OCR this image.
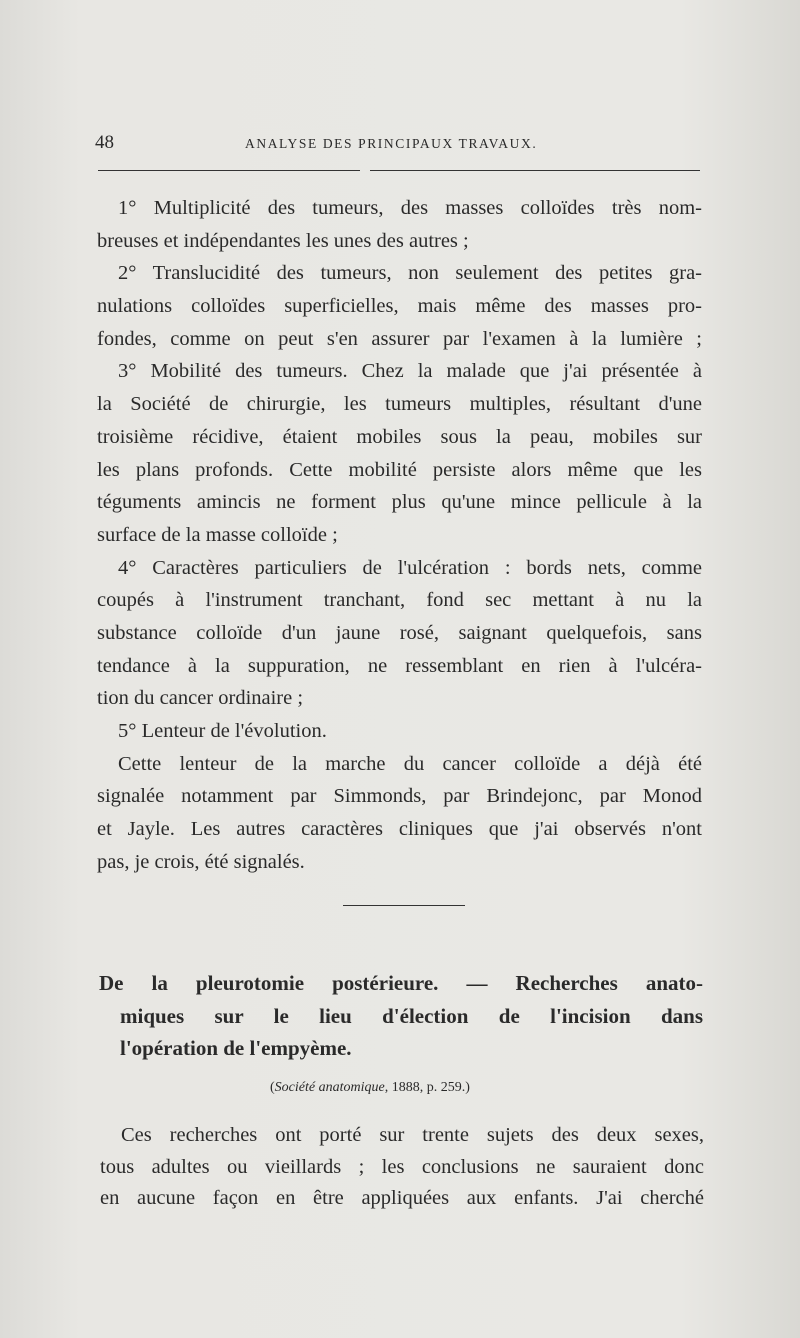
48	ANALYSE DES PRINCIPAUX TRAVAUX.
1° Multiplicité des tumeurs, des masses colloïdes très nom-
breuses et indépendantes les unes des autres ;
2° Translucidité des tumeurs, non seulement des petites gra-
nulations colloïdes superficielles, mais même des masses pro-
fondes, comme on peut s'en assurer par l'examen à la lumière ;
3° Mobilité des tumeurs. Chez la malade que j'ai présentée à
la Société de chirurgie, les tumeurs multiples, résultant d'une
troisième récidive, étaient mobiles sous la peau, mobiles sur
les plans profonds. Cette mobilité persiste alors même que les
téguments amincis ne forment plus qu'une mince pellicule à la
surface de la masse colloïde ;
4° Caractères particuliers de l'ulcération : bords nets, comme
coupés à l'instrument tranchant, fond sec mettant à nu la
substance colloïde d'un jaune rosé, saignant quelquefois, sans
tendance à la suppuration, ne ressemblant en rien à l'ulcéra-
tion du cancer ordinaire ;
5° Lenteur de l'évolution.
Cette lenteur de la marche du cancer colloïde a déjà été
signalée notamment par Simmonds, par Brindejonc, par Monod
et Jayle. Les autres caractères cliniques que j'ai observés n'ont
pas, je crois, été signalés.
De la pleurotomie postérieure. — Recherches anato-
miques sur le lieu d'élection de l'incision dans
l'opération de l'empyème.
(Société anatomique, 1888, p. 259.)
Ces recherches ont porté sur trente sujets des deux sexes,
tous adultes ou vieillards ; les conclusions ne sauraient donc
en aucune façon en être appliquées aux enfants. J'ai cherché
